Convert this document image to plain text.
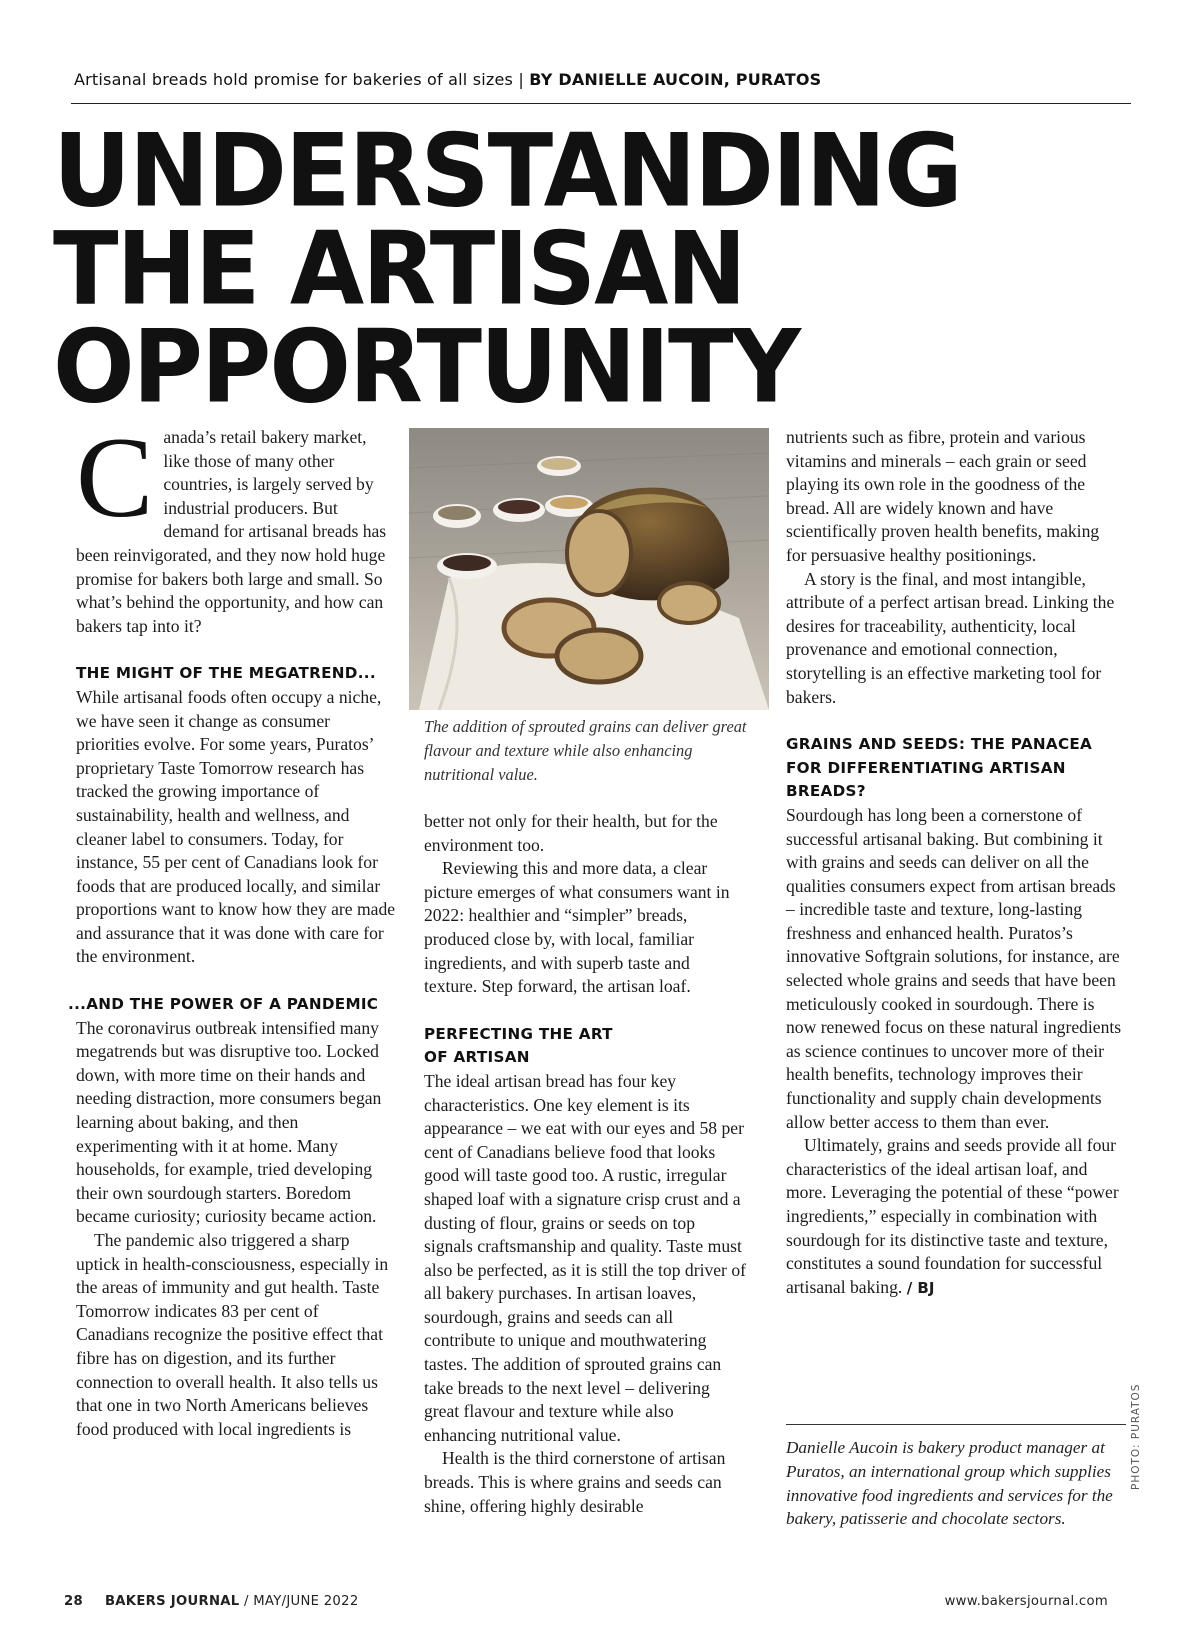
Artisanal breads hold promise for bakeries of all sizes | BY DANIELLE AUCOIN, PURATOS
UNDERSTANDING
THE ARTISAN
OPPORTUNITY

Canada’s retail bakery market, like those of many other countries, is largely served by industrial producers. But demand for artisanal breads has been reinvigorated, and they now hold huge promise for bakers both large and small. So what’s behind the opportunity, and how can bakers tap into it?

THE MIGHT OF THE MEGATREND...

While artisanal foods often occupy a niche, we have seen it change as consumer priorities evolve. For some years, Puratos’ proprietary Taste Tomorrow research has tracked the growing importance of sustainability, health and wellness, and cleaner label to consumers. Today, for instance, 55 per cent of Canadians look for foods that are produced locally, and similar proportions want to know how they are made and assurance that it was done with care for the environment.

...AND THE POWER OF A PANDEMIC

The coronavirus outbreak intensified many megatrends but was disruptive too. Locked down, with more time on their hands and needing distraction, more consumers began learning about baking, and then experimenting with it at home. Many households, for example, tried developing their own sourdough starters. Boredom became curiosity; curiosity became action.

The pandemic also triggered a sharp uptick in health-consciousness, especially in the areas of immunity and gut health. Taste Tomorrow indicates 83 per cent of Canadians recognize the positive effect that fibre has on digestion, and its further connection to overall health. It also tells us that one in two North Americans believes food produced with local ingredients is

The addition of sprouted grains can deliver great flavour and texture while also enhancing nutritional value.

better not only for their health, but for the environment too.

Reviewing this and more data, a clear picture emerges of what consumers want in 2022: healthier and “simpler” breads, produced close by, with local, familiar ingredients, and with superb taste and texture. Step forward, the artisan loaf.

PERFECTING THE ART
OF ARTISAN

The ideal artisan bread has four key characteristics. One key element is its appearance – we eat with our eyes and 58 per cent of Canadians believe food that looks good will taste good too. A rustic, irregular shaped loaf with a signature crisp crust and a dusting of flour, grains or seeds on top signals craftsmanship and quality. Taste must also be perfected, as it is still the top driver of all bakery purchases. In artisan loaves, sourdough, grains and seeds can all contribute to unique and mouthwatering tastes. The addition of sprouted grains can take breads to the next level – delivering great flavour and texture while also enhancing nutritional value.

Health is the third cornerstone of artisan breads. This is where grains and seeds can shine, offering highly desirable

nutrients such as fibre, protein and various vitamins and minerals – each grain or seed playing its own role in the goodness of the bread. All are widely known and have scientifically proven health benefits, making for persuasive healthy positionings.

A story is the final, and most intangible, attribute of a perfect artisan bread. Linking the desires for traceability, authenticity, local provenance and emotional connection, storytelling is an effective marketing tool for bakers.

GRAINS AND SEEDS: THE PANACEA FOR DIFFERENTIATING ARTISAN BREADS?

Sourdough has long been a cornerstone of successful artisanal baking. But combining it with grains and seeds can deliver on all the qualities consumers expect from artisan breads – incredible taste and texture, long-lasting freshness and enhanced health. Puratos’s innovative Softgrain solutions, for instance, are selected whole grains and seeds that have been meticulously cooked in sourdough. There is now renewed focus on these natural ingredients as science continues to uncover more of their health benefits, technology improves their functionality and supply chain developments allow better access to them than ever.

Ultimately, grains and seeds provide all four characteristics of the ideal artisan loaf, and more. Leveraging the potential of these “power ingredients,” especially in combination with sourdough for its distinctive taste and texture, constitutes a sound foundation for successful artisanal baking. / BJ

Danielle Aucoin is bakery product manager at Puratos, an international group which supplies innovative food ingredients and services for the bakery, patisserie and chocolate sectors.
PHOTO: PURATOS
28 BAKERS JOURNAL / MAY/JUNE 2022	www.bakersjournal.com
